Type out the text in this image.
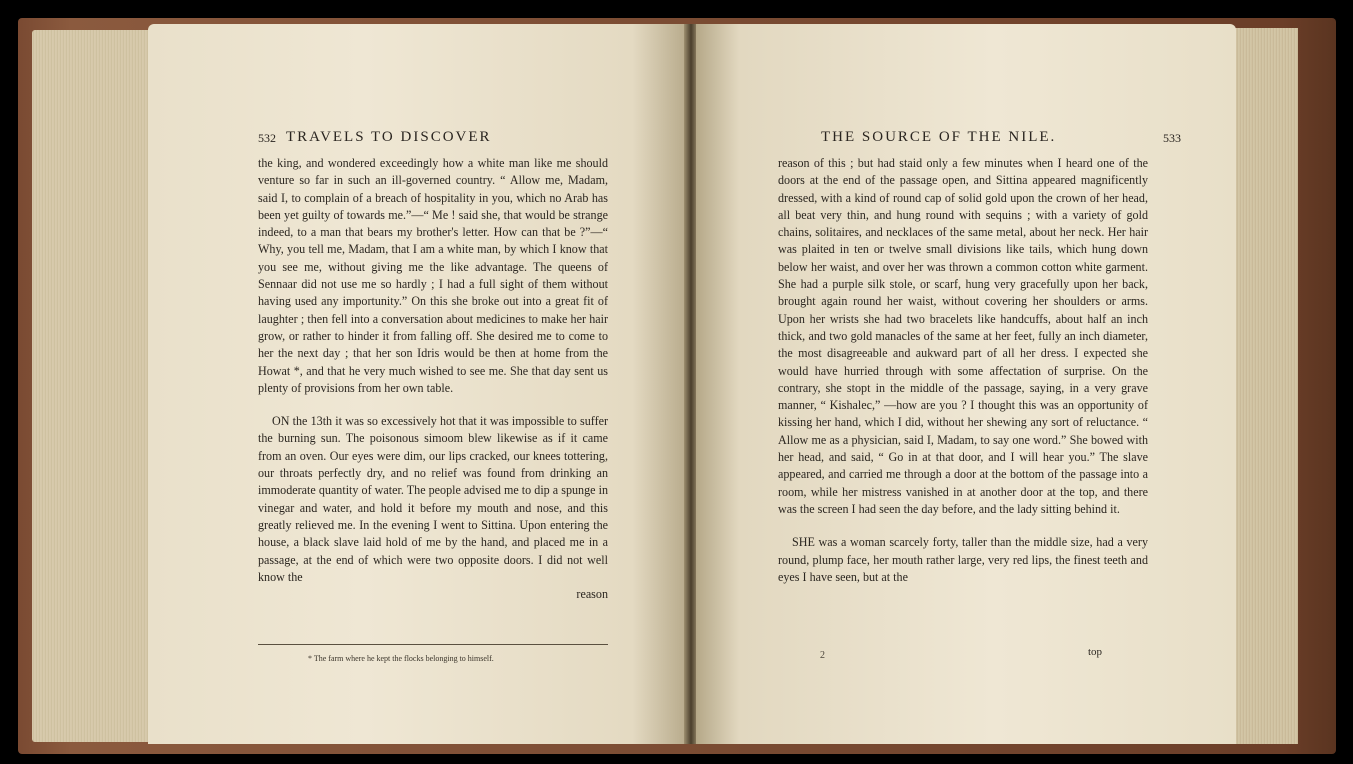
532 TRAVELS TO DISCOVER

the king, and wondered exceedingly how a white man like me should venture so far in such an ill-governed country. “ Allow me, Madam, said I, to complain of a breach of hospitality in you, which no Arab has been yet guilty of towards me.”—“ Me ! said she, that would be strange indeed, to a man that bears my brother's letter. How can that be ?”—“ Why, you tell me, Madam, that I am a white man, by which I know that you see me, without giving me the like advantage. The queens of Sennaar did not use me so hardly ; I had a full sight of them without having used any importunity.” On this she broke out into a great fit of laughter ; then fell into a conversation about medicines to make her hair grow, or rather to hinder it from falling off. She desired me to come to her the next day ; that her son Idris would be then at home from the Howat *, and that he very much wished to see me. She that day sent us plenty of provisions from her own table.

ON the 13th it was so excessively hot that it was impossible to suffer the burning sun. The poisonous simoom blew likewise as if it came from an oven. Our eyes were dim, our lips cracked, our knees tottering, our throats perfectly dry, and no relief was found from drinking an immoderate quantity of water. The people advised me to dip a spunge in vinegar and water, and hold it before my mouth and nose, and this greatly relieved me. In the evening I went to Sittina. Upon entering the house, a black slave laid hold of me by the hand, and placed me in a passage, at the end of which were two opposite doors. I did not well know the

reason
* The farm where he kept the flocks belonging to himself.
THE SOURCE OF THE NILE.	533

reason of this ; but had staid only a few minutes when I heard one of the doors at the end of the passage open, and Sittina appeared magnificently dressed, with a kind of round cap of solid gold upon the crown of her head, all beat very thin, and hung round with sequins ; with a variety of gold chains, solitaires, and necklaces of the same metal, about her neck. Her hair was plaited in ten or twelve small divisions like tails, which hung down below her waist, and over her was thrown a common cotton white garment. She had a purple silk stole, or scarf, hung very gracefully upon her back, brought again round her waist, without covering her shoulders or arms. Upon her wrists she had two bracelets like handcuffs, about half an inch thick, and two gold manacles of the same at her feet, fully an inch diameter, the most disagreeable and aukward part of all her dress. I expected she would have hurried through with some affectation of surprise. On the contrary, she stopt in the middle of the passage, saying, in a very grave manner, “ Kishalec,” —how are you ? I thought this was an opportunity of kissing her hand, which I did, without her shewing any sort of reluctance. “ Allow me as a physician, said I, Madam, to say one word.” She bowed with her head, and said, “ Go in at that door, and I will hear you.” The slave appeared, and carried me through a door at the bottom of the passage into a room, while her mistress vanished in at another door at the top, and there was the screen I had seen the day before, and the lady sitting behind it.

SHE was a woman scarcely forty, taller than the middle size, had a very round, plump face, her mouth rather large, very red lips, the finest teeth and eyes I have seen, but at the

2	top
